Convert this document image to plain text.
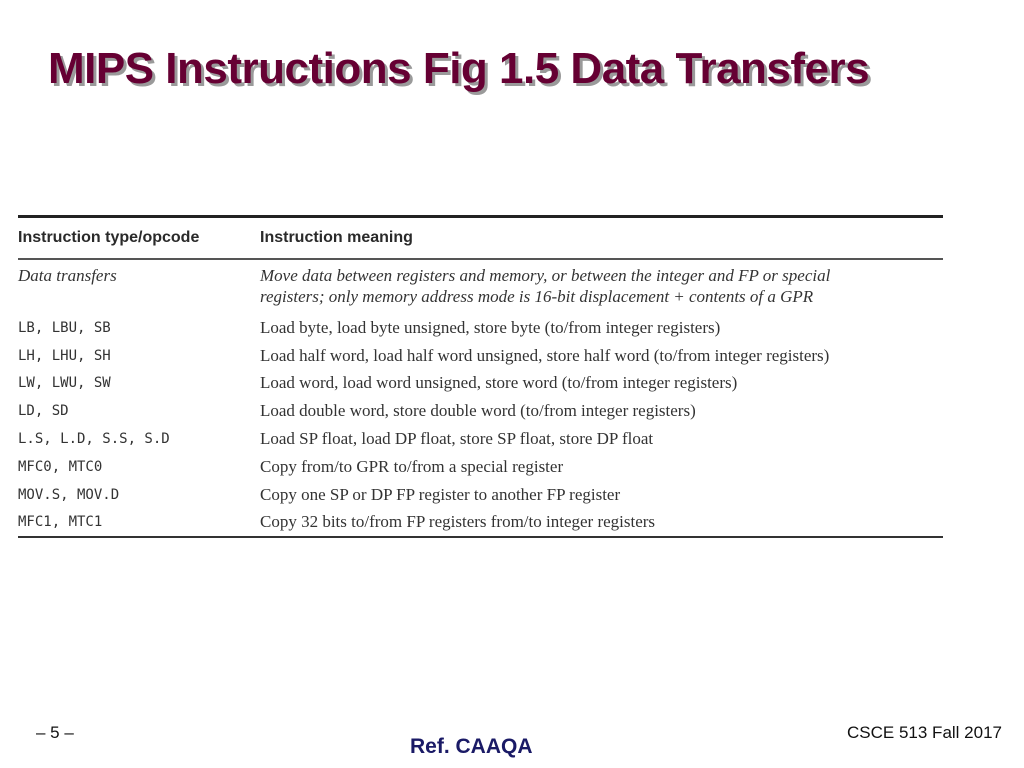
MIPS Instructions Fig 1.5 Data Transfers
Instruction type/opcode	Instruction meaning
Data transfers	Move data between registers and memory, or between the integer and FP or special
registers; only memory address mode is 16-bit displacement + contents of a GPR
LB, LBU, SB	Load byte, load byte unsigned, store byte (to/from integer registers)
LH, LHU, SH	Load half word, load half word unsigned, store half word (to/from integer registers)
LW, LWU, SW	Load word, load word unsigned, store word (to/from integer registers)
LD, SD	Load double word, store double word (to/from integer registers)
L.S, L.D, S.S, S.D	Load SP float, load DP float, store SP float, store DP float
MFC0, MTC0	Copy from/to GPR to/from a special register
MOV.S, MOV.D	Copy one SP or DP FP register to another FP register
MFC1, MTC1	Copy 32 bits to/from FP registers from/to integer registers
– 5 –
Ref. CAAQA
CSCE 513 Fall 2017
